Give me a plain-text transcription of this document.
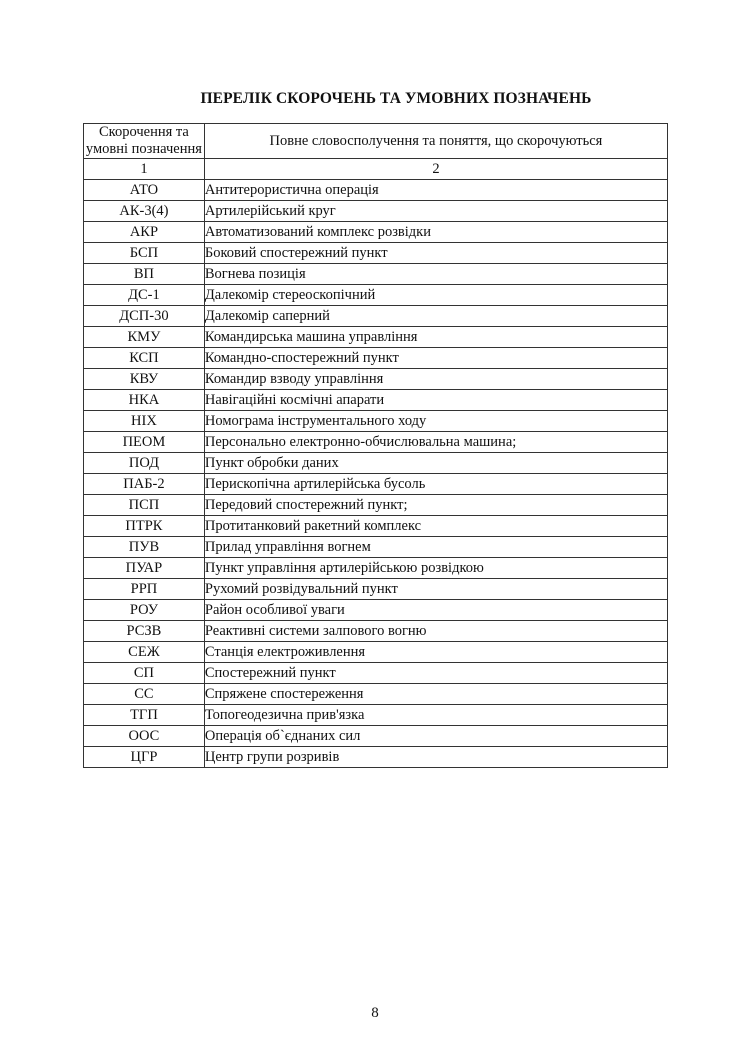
ПЕРЕЛІК СКОРОЧЕНЬ ТА УМОВНИХ ПОЗНАЧЕНЬ
Скорочення та умовні позначення	Повне словосполучення та поняття, що скорочуються
1	2
АТО	Антитерористична операція
АК-3(4)	Артилерійський круг
АКР	Автоматизований комплекс розвідки
БСП	Боковий спостережний пункт
ВП	Вогнева позиція
ДС-1	Далекомір стереоскопічний
ДСП-30	Далекомір саперний
КМУ	Командирська машина управління
КСП	Командно-спостережний пункт
КВУ	Командир взводу управління
НКА	Навігаційні космічні апарати
НІХ	Номограма інструментального ходу
ПЕОМ	Персонально електронно-обчислювальна машина;
ПОД	Пункт обробки даних
ПАБ-2	Перископічна артилерійська бусоль
ПСП	Передовий спостережний пункт;
ПТРК	Протитанковий ракетний комплекс
ПУВ	Прилад управління вогнем
ПУАР	Пункт управління артилерійською розвідкою
РРП	Рухомий розвідувальний пункт
РОУ	Район особливої уваги
РСЗВ	Реактивні системи залпового вогню
СЕЖ	Станція електроживлення
СП	Спостережний пункт
СС	Спряжене спостереження
ТГП	Топогеодезична прив'язка
ООС	Операція об`єднаних сил
ЦГР	Центр групи розривів
8
